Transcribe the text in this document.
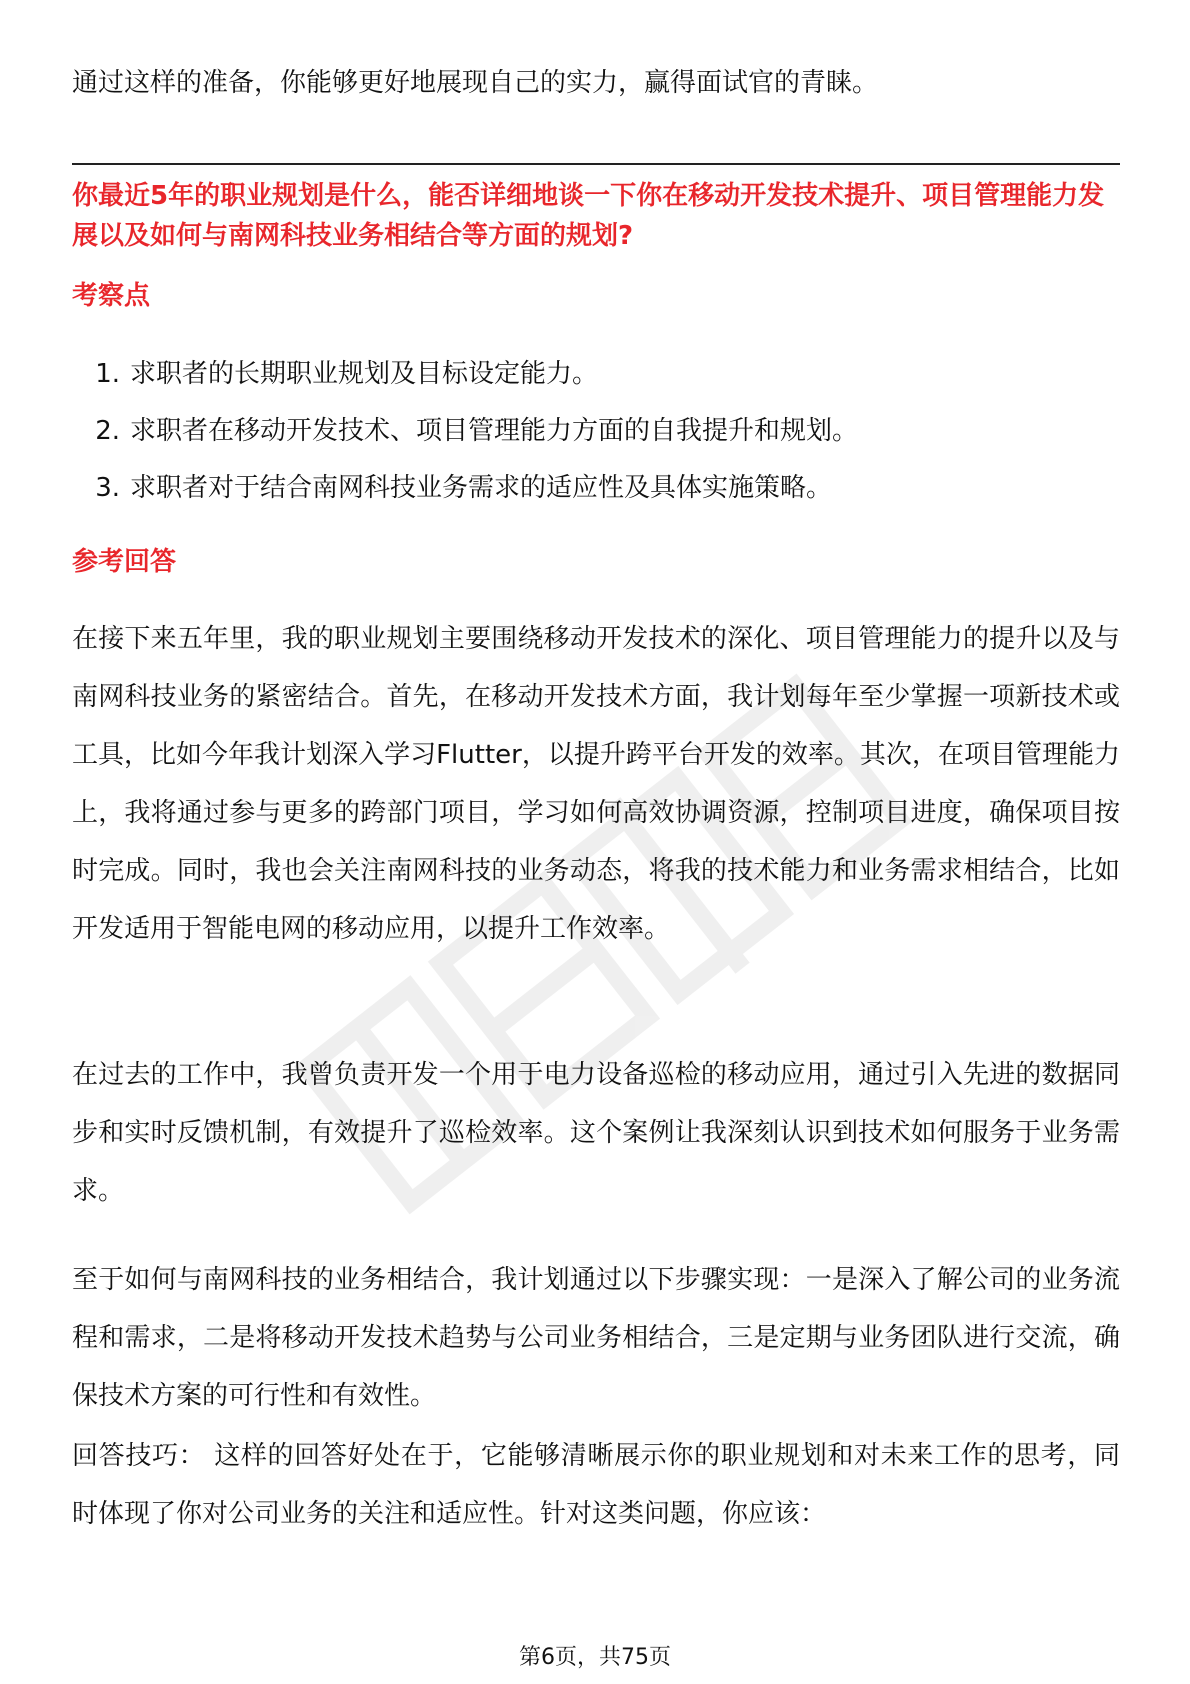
通过这样的准备，你能够更好地展现自己的实力，赢得面试官的青睐。

你最近5年的职业规划是什么，能否详细地谈一下你在移动开发技术提升、项目管理能力发展以及如何与南网科技业务相结合等方面的规划?

考察点

1. 求职者的长期职业规划及目标设定能力。
2. 求职者在移动开发技术、项目管理能力方面的自我提升和规划。
3. 求职者对于结合南网科技业务需求的适应性及具体实施策略。

参考回答

在接下来五年里，我的职业规划主要围绕移动开发技术的深化、项目管理能力的提升以及与南网科技业务的紧密结合。首先，在移动开发技术方面，我计划每年至少掌握一项新技术或工具，比如今年我计划深入学习Flutter，以提升跨平台开发的效率。其次，在项目管理能力上，我将通过参与更多的跨部门项目，学习如何高效协调资源，控制项目进度，确保项目按时完成。同时，我也会关注南网科技的业务动态，将我的技术能力和业务需求相结合，比如开发适用于智能电网的移动应用，以提升工作效率。

在过去的工作中，我曾负责开发一个用于电力设备巡检的移动应用，通过引入先进的数据同步和实时反馈机制，有效提升了巡检效率。这个案例让我深刻认识到技术如何服务于业务需求。

至于如何与南网科技的业务相结合，我计划通过以下步骤实现：一是深入了解公司的业务流程和需求，二是将移动开发技术趋势与公司业务相结合，三是定期与业务团队进行交流，确保技术方案的可行性和有效性。

回答技巧： 这样的回答好处在于，它能够清晰展示你的职业规划和对未来工作的思考，同时体现了你对公司业务的关注和适应性。针对这类问题，你应该：

第6页，共75页
